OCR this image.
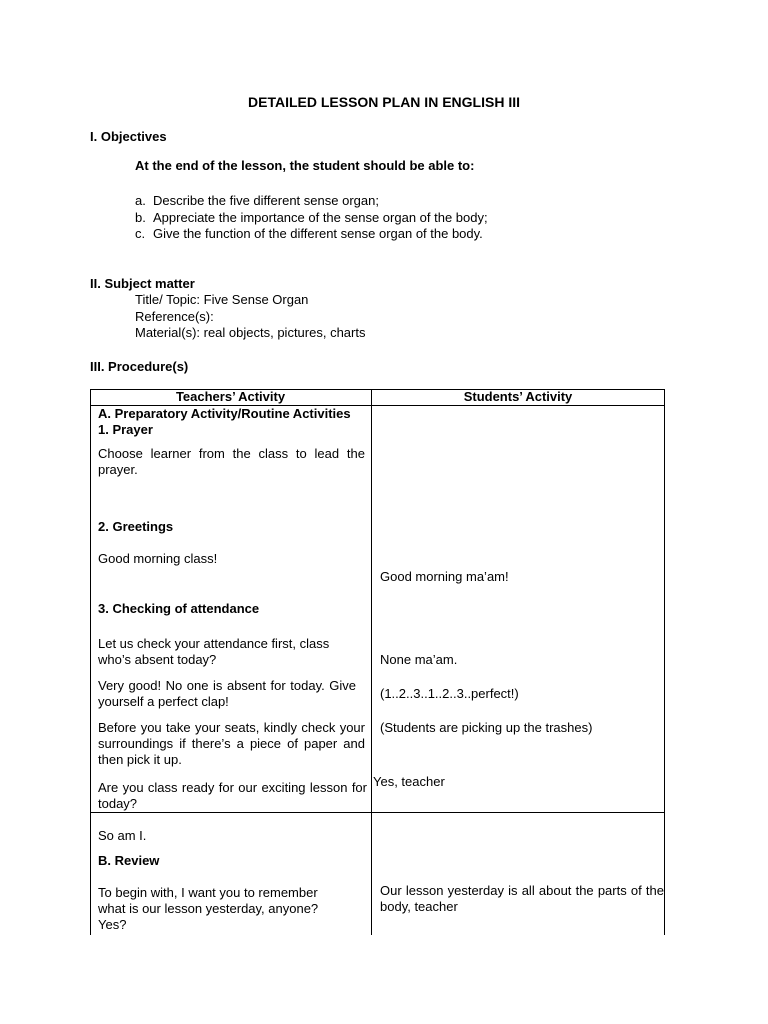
DETAILED LESSON PLAN IN ENGLISH III
I. Objectives
At the end of the lesson, the student should be able to:
a. Describe the five different sense organ;
b. Appreciate the importance of the sense organ of the body;
c. Give the function of the different sense organ of the body.
II. Subject matter
Title/ Topic: Five Sense Organ
Reference(s):
Material(s): real objects, pictures, charts
III. Procedure(s)
Teachers’ Activity	Students’ Activity
A. Preparatory Activity/Routine Activities
1. Prayer
Choose learner from the class to lead the prayer.
2. Greetings
Good morning class!
3. Checking of attendance
Let us check your attendance first, class
who’s absent today?
Very good! No one is absent for today. Give yourself a perfect clap!
Before you take your seats, kindly check your surroundings if there’s a piece of paper and then pick it up.
Are you class ready for our exciting lesson for today?
So am I.
B. Review
To begin with, I want you to remember
what is our lesson yesterday, anyone?
Yes?
Good morning ma’am!
None ma’am.
(1..2..3..1..2..3..perfect!)
(Students are picking up the trashes)
Yes, teacher
Our lesson yesterday is all about the parts of the body, teacher
